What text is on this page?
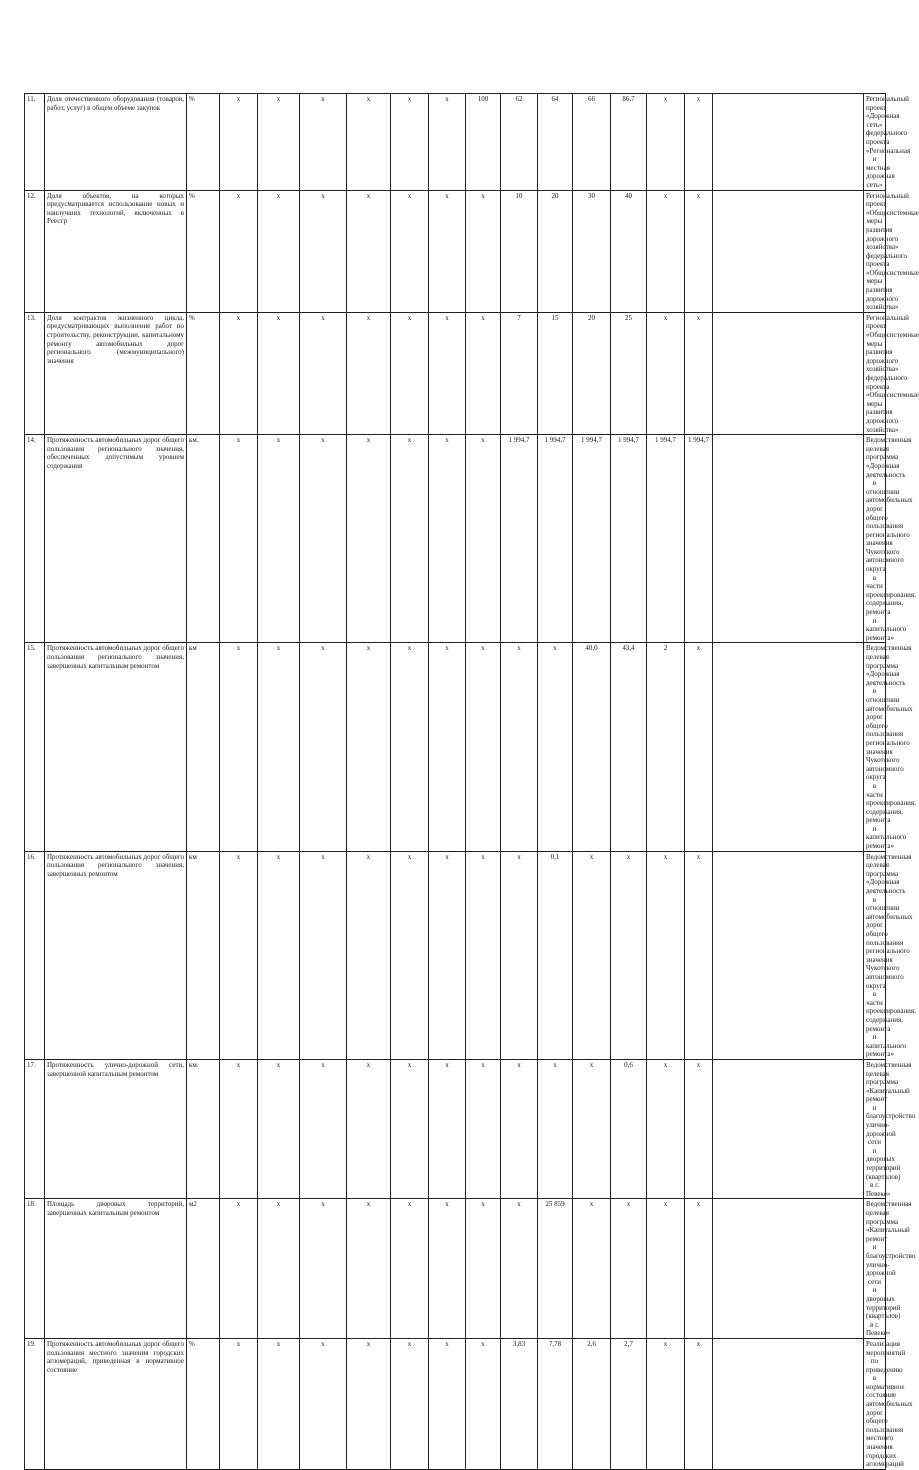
11.	Доля отечественного оборудования (товаров, работ, услуг) в общем объеме закупок	%	x	x	x	x	x	x	100	62	64	66	86,7	x	x		Региональный проект «Дорожная сеть» федерального проекта «Региональная и местная дорожная сеть»
12.	Доля объектов, на которых предусматривается использование новых и наилучших технологий, включенных в Реестр	%	x	x	x	x	x	x	x	10	20	30	40	x	x		Региональный проект «Общесистемные меры развития дорожного хозяйства» федерального проекта «Общесистемные меры развития дорожного хозяйства»
13.	Доля контрактов жизненного цикла, предусматривающих выполнение работ по строительству, реконструкции, капитальному ремонту автомобильных дорог регионального (межмуниципального) значения	%	x	x	x	x	x	x	x	7	15	20	25	x	x		Региональный проект «Общесистемные меры развития дорожного хозяйства» федерального проекта «Общесистемные меры развития дорожного хозяйства»
14.	Протяженность автомобильных дорог общего пользования регионального значения, обеспеченных допустимым уровнем содержания	км.	x	x	x	x	x	x	x	1 994,7	1 994,7	1 994,7	1 994,7	1 994,7	1 994,7		Ведомственная целевая программа «Дорожная деятельность в отношении автомобильных дорог общего пользования регионального значения Чукотского автономного округа в части проектирования, содержания, ремонта и капитального ремонта»
15.	Протяженность автомобильных дорог общего пользования регионального значения, завершенных капитальным ремонтом	км	x	x	x	x	x	x	x	x	x	40,0	43,4	2	x		Ведомственная целевая программа «Дорожная деятельность в отношении автомобильных дорог общего пользования регионального значения Чукотского автономного округа в части проектирования, содержания, ремонта и капитального ремонта»
16.	Протяженность автомобильных дорог общего пользования регионального значения, завершенных ремонтом	км	x	x	x	x	x	x	x	x	0,1	x	x	x	x		Ведомственная целевая программа «Дорожная деятельность в отношении автомобильных дорог общего пользования регионального значения Чукотского автономного округа в части проектирования, содержания, ремонта и капитального ремонта»
17.	Протяженность улично-дорожной сети, завершенной капитальным ремонтом	км.	x	x	x	x	x	x	x	x	x	x	0,6	x	x		Ведомственная целевая программа «Капитальный ремонт и благоустройство улично-дорожной сети и дворовых территорий (кварталов) в г. Певеке»
18.	Площадь дворовых территорий, завершенных капитальным ремонтом	м2	x	x	x	x	x	x	x	x	25 859	x	x	x	x		Ведомственная целевая программа «Капитальный ремонт и благоустройство улично-дорожной сети и дворовых территорий (кварталов) в г. Певеке»
19.	Протяженность автомобильных дорог общего пользования местного значения городских агломераций, приведенная в нормативное состояние	%	x	x	x	x	x	x	x	3,83	7,78	2,6	2,7	x	x		Реализация мероприятий по приведению в нормативное состояние автомобильных дорог общего пользования местного значения городских агломераций
